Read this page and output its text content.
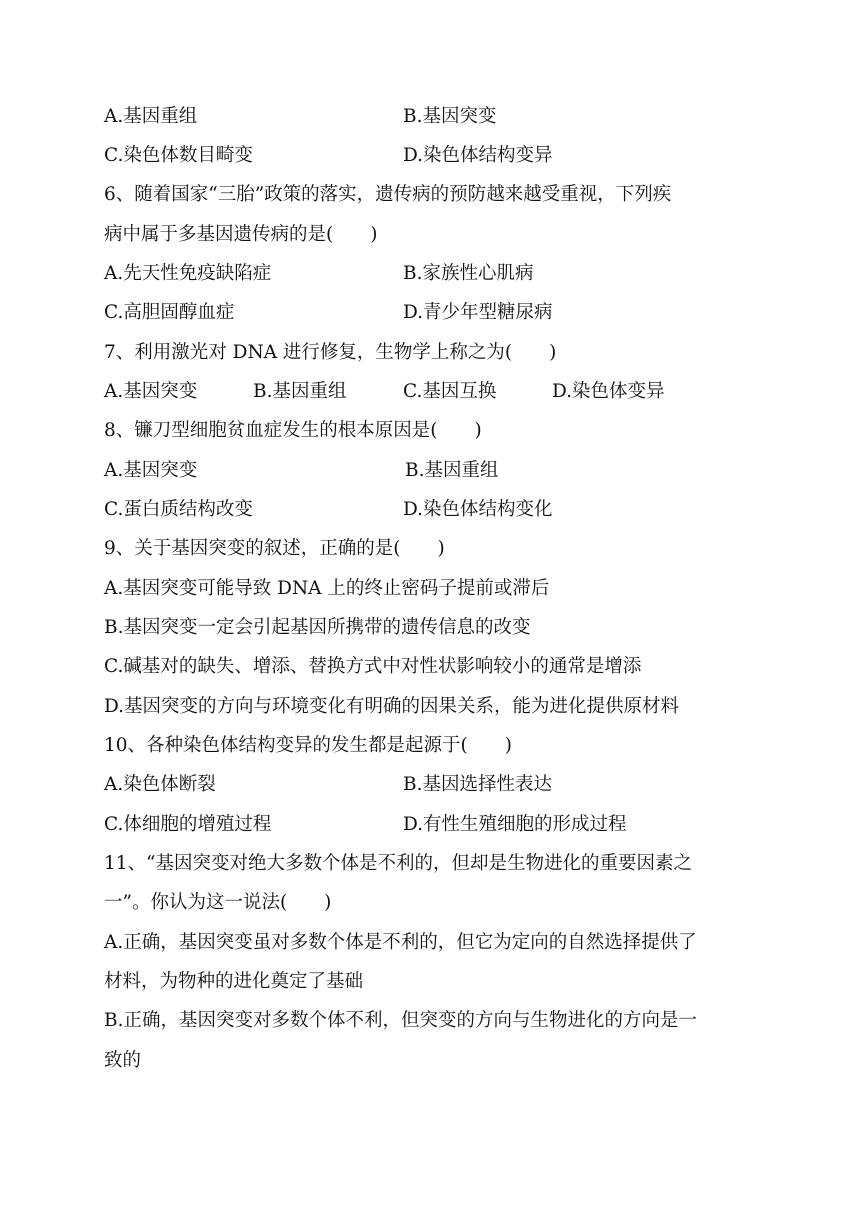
A.基因重组	B.基因突变
C.染色体数目畸变	D.染色体结构变异
6、随着国家“三胎”政策的落实，遗传病的预防越来越受重视，下列疾
病中属于多基因遗传病的是(　　)
A.先天性免疫缺陷症	B.家族性心肌病
C.高胆固醇血症	D.青少年型糖尿病
7、利用激光对 DNA 进行修复，生物学上称之为(　　)
A.基因突变	B.基因重组	C.基因互换	D.染色体变异
8、镰刀型细胞贫血症发生的根本原因是(　　)
A.基因突变	B.基因重组
C.蛋白质结构改变	D.染色体结构变化
9、关于基因突变的叙述，正确的是(　　)
A.基因突变可能导致 DNA 上的终止密码子提前或滞后
B.基因突变一定会引起基因所携带的遗传信息的改变
C.碱基对的缺失、增添、替换方式中对性状影响较小的通常是增添
D.基因突变的方向与环境变化有明确的因果关系，能为进化提供原材料
10、各种染色体结构变异的发生都是起源于(　　)
A.染色体断裂	B.基因选择性表达
C.体细胞的增殖过程	D.有性生殖细胞的形成过程
11、“基因突变对绝大多数个体是不利的，但却是生物进化的重要因素之
一”。你认为这一说法(　　)
A.正确，基因突变虽对多数个体是不利的，但它为定向的自然选择提供了
材料，为物种的进化奠定了基础
B.正确，基因突变对多数个体不利，但突变的方向与生物进化的方向是一
致的
